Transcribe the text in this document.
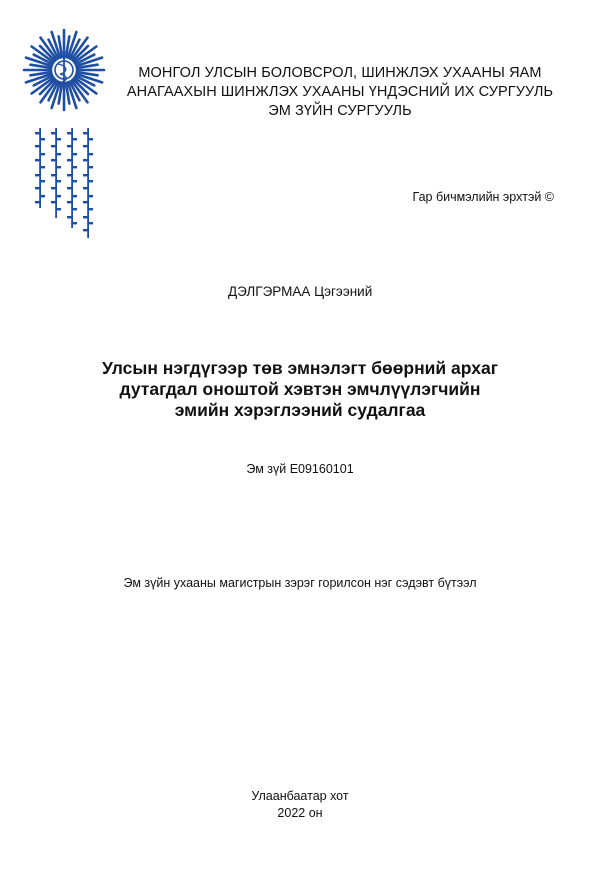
МОНГОЛ УЛСЫН БОЛОВСРОЛ, ШИНЖЛЭХ УХААНЫ ЯАМ
АНАГААХЫН ШИНЖЛЭХ УХААНЫ ҮНДЭСНИЙ ИХ СУРГУУЛЬ
ЭМ ЗҮЙН СУРГУУЛЬ
Гар бичмэлийн эрхтэй ©
ДЭЛГЭРМАА Цэгээний
Улсын нэгдүгээр төв эмнэлэгт бөөрний архаг
дутагдал оноштой хэвтэн эмчлүүлэгчийн
эмийн хэрэглээний судалгаа
Эм зүй E09160101
Эм зүйн ухааны магистрын зэрэг горилсон нэг сэдэвт бүтээл
Улаанбаатар хот
2022 он
